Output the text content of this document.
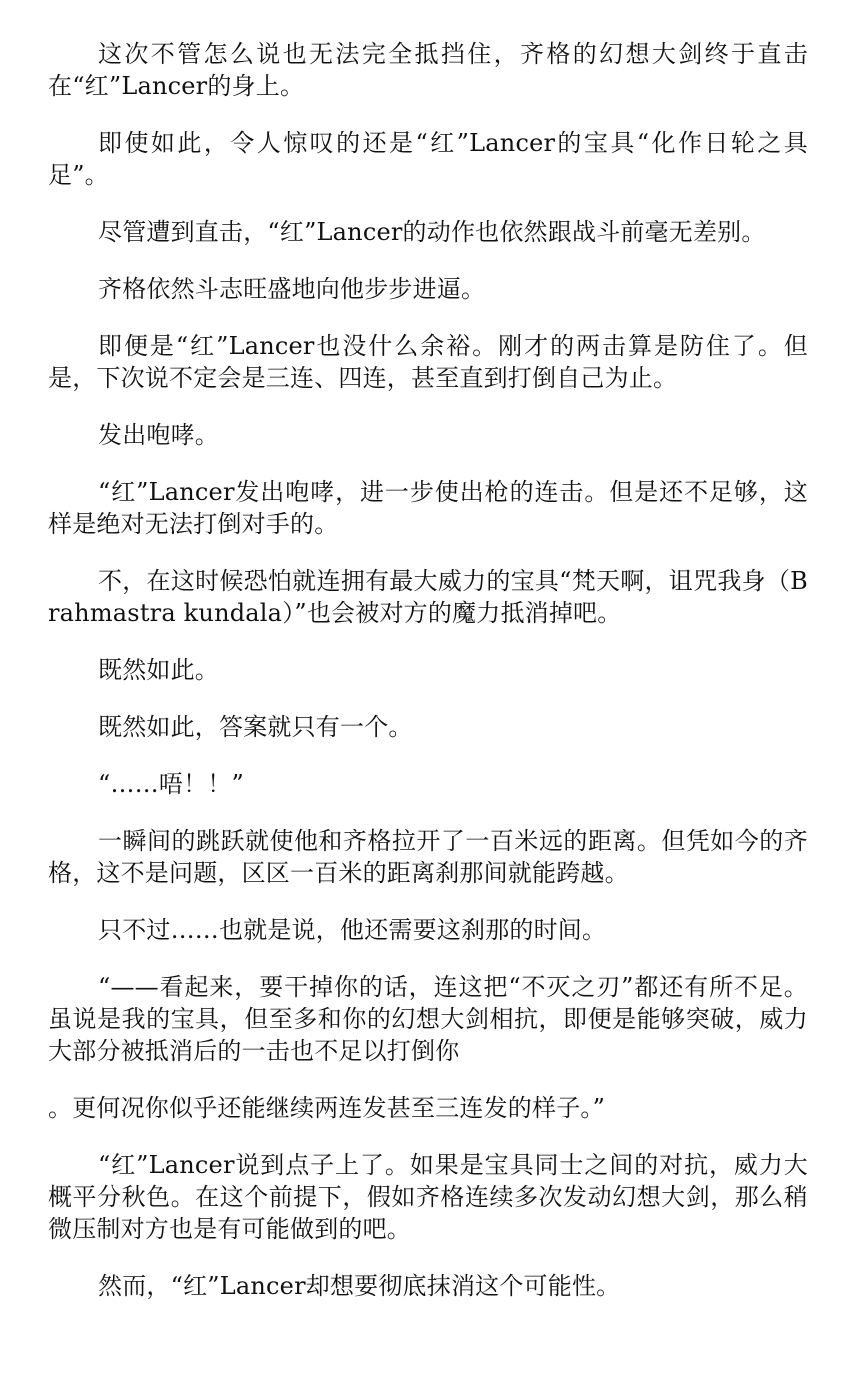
这次不管怎么说也无法完全抵挡住，齐格的幻想大剑终于直击在“红”Lancer的身上。

即使如此，令人惊叹的还是“红”Lancer的宝具“化作日轮之具足”。

尽管遭到直击，“红”Lancer的动作也依然跟战斗前毫无差别。

齐格依然斗志旺盛地向他步步进逼。

即便是“红”Lancer也没什么余裕。刚才的两击算是防住了。但是，下次说不定会是三连、四连，甚至直到打倒自己为止。

发出咆哮。

“红”Lancer发出咆哮，进一步使出枪的连击。但是还不足够，这样是绝对无法打倒对手的。

不，在这时候恐怕就连拥有最大威力的宝具“梵天啊，诅咒我身（Brahmastra kundala）”也会被对方的魔力抵消掉吧。

既然如此。

既然如此，答案就只有一个。

“……唔！！”

一瞬间的跳跃就使他和齐格拉开了一百米远的距离。但凭如今的齐格，这不是问题，区区一百米的距离刹那间就能跨越。

只不过……也就是说，他还需要这刹那的时间。

“——看起来，要干掉你的话，连这把“不灭之刃”都还有所不足。虽说是我的宝具，但至多和你的幻想大剑相抗，即便是能够突破，威力大部分被抵消后的一击也不足以打倒你

。更何况你似乎还能继续两连发甚至三连发的样子。”

“红”Lancer说到点子上了。如果是宝具同士之间的对抗，威力大概平分秋色。在这个前提下，假如齐格连续多次发动幻想大剑，那么稍微压制对方也是有可能做到的吧。

然而，“红”Lancer却想要彻底抹消这个可能性。
